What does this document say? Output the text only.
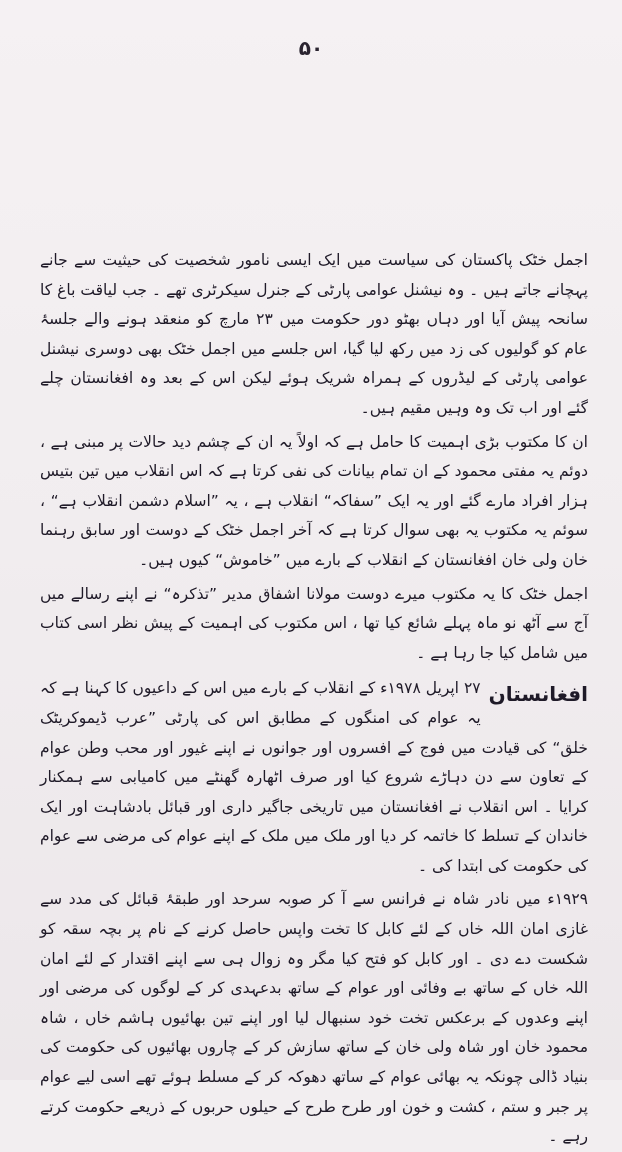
۵۰

اجمل خٹک پاکستان کی سیاست میں ایک ایسی نامور شخصیت کی حیثیت سے جانے پہچانے جاتے ہیں ۔ وہ نیشنل عوامی پارٹی کے جنرل سیکرٹری تھے ۔ جب لیاقت باغ کا سانحہ پیش آیا اور دہاں بھٹو دور حکومت میں ۲۳ مارچ کو منعقد ہونے والے جلسۂ عام کو گولیوں کی زد میں رکھ لیا گیا، اس جلسے میں اجمل خٹک بھی دوسری نیشنل عوامی پارٹی کے لیڈروں کے ہمراہ شریک ہوئے لیکن اس کے بعد وہ افغانستان چلے گئے اور اب تک وہ وہیں مقیم ہیں۔

ان کا مکتوب بڑی اہمیت کا حامل ہے کہ اولاً یہ ان کے چشم دید حالات پر مبنی ہے ، دوئم یہ مفتی محمود کے ان تمام بیانات کی نفی کرتا ہے کہ اس انقلاب میں تین بتیس ہزار افراد مارے گئے اور یہ ایک ”سفاکہ“ انقلاب ہے ، یہ ”اسلام دشمن انقلاب ہے“ ، سوئم یہ مکتوب یہ بھی سوال کرتا ہے کہ آخر اجمل خٹک کے دوست اور سابق رہنما خان ولی خان افغانستان کے انقلاب کے بارے میں ”خاموش“ کیوں ہیں۔

اجمل خٹک کا یہ مکتوب میرے دوست مولانا اشفاق مدیر ”تذکرہ“ نے اپنے رسالے میں آج سے آٹھ نو ماہ پہلے شائع کیا تھا ، اس مکتوب کی اہمیت کے پیش نظر اسی کتاب میں شامل کیا جا رہا ہے ۔

افغانستان
۲۷ اپریل ۱۹۷۸ء کے انقلاب کے بارے میں اس کے داعیوں کا کہنا ہے کہ یہ عوام کی امنگوں کے مطابق اس کی پارٹی ”عرب ڈیموکریٹک خلق“ کی قیادت میں فوج کے افسروں اور جوانوں نے اپنے غیور اور محب وطن عوام کے تعاون سے دن دہاڑے شروع کیا اور صرف اٹھارہ گھنٹے میں کامیابی سے ہمکنار کرایا ۔ اس انقلاب نے افغانستان میں تاریخی جاگیر داری اور قبائل بادشاہت اور ایک خاندان کے تسلط کا خاتمہ کر دیا اور ملک میں ملک کے اپنے عوام کی مرضی سے عوام کی حکومت کی ابتدا کی ۔

۱۹۲۹ء میں نادر شاہ نے فرانس سے آ کر صوبہ سرحد اور طبقۂ قبائل کی مدد سے غازی امان اللہ خاں کے لئے کابل کا تخت واپس حاصل کرنے کے نام پر بچہ سقہ کو شکست دے دی ۔ اور کابل کو فتح کیا مگر وہ زوال ہی سے اپنے اقتدار کے لئے امان اللہ خاں کے ساتھ بے وفائی اور عوام کے ساتھ بدعہدی کر کے لوگوں کی مرضی اور اپنے وعدوں کے برعکس تخت خود سنبھال لیا اور اپنے تین بھائیوں ہاشم خاں ، شاہ محمود خان اور شاہ ولی خان کے ساتھ سازش کر کے چاروں بھائیوں کی حکومت کی بنیاد ڈالی چونکہ یہ بھائی عوام کے ساتھ دھوکہ کر کے مسلط ہوئے تھے اسی لیے عوام پر جبر و ستم ، کشت و خون اور طرح طرح کے حیلوں حربوں کے ذریعے حکومت کرتے رہے ۔
